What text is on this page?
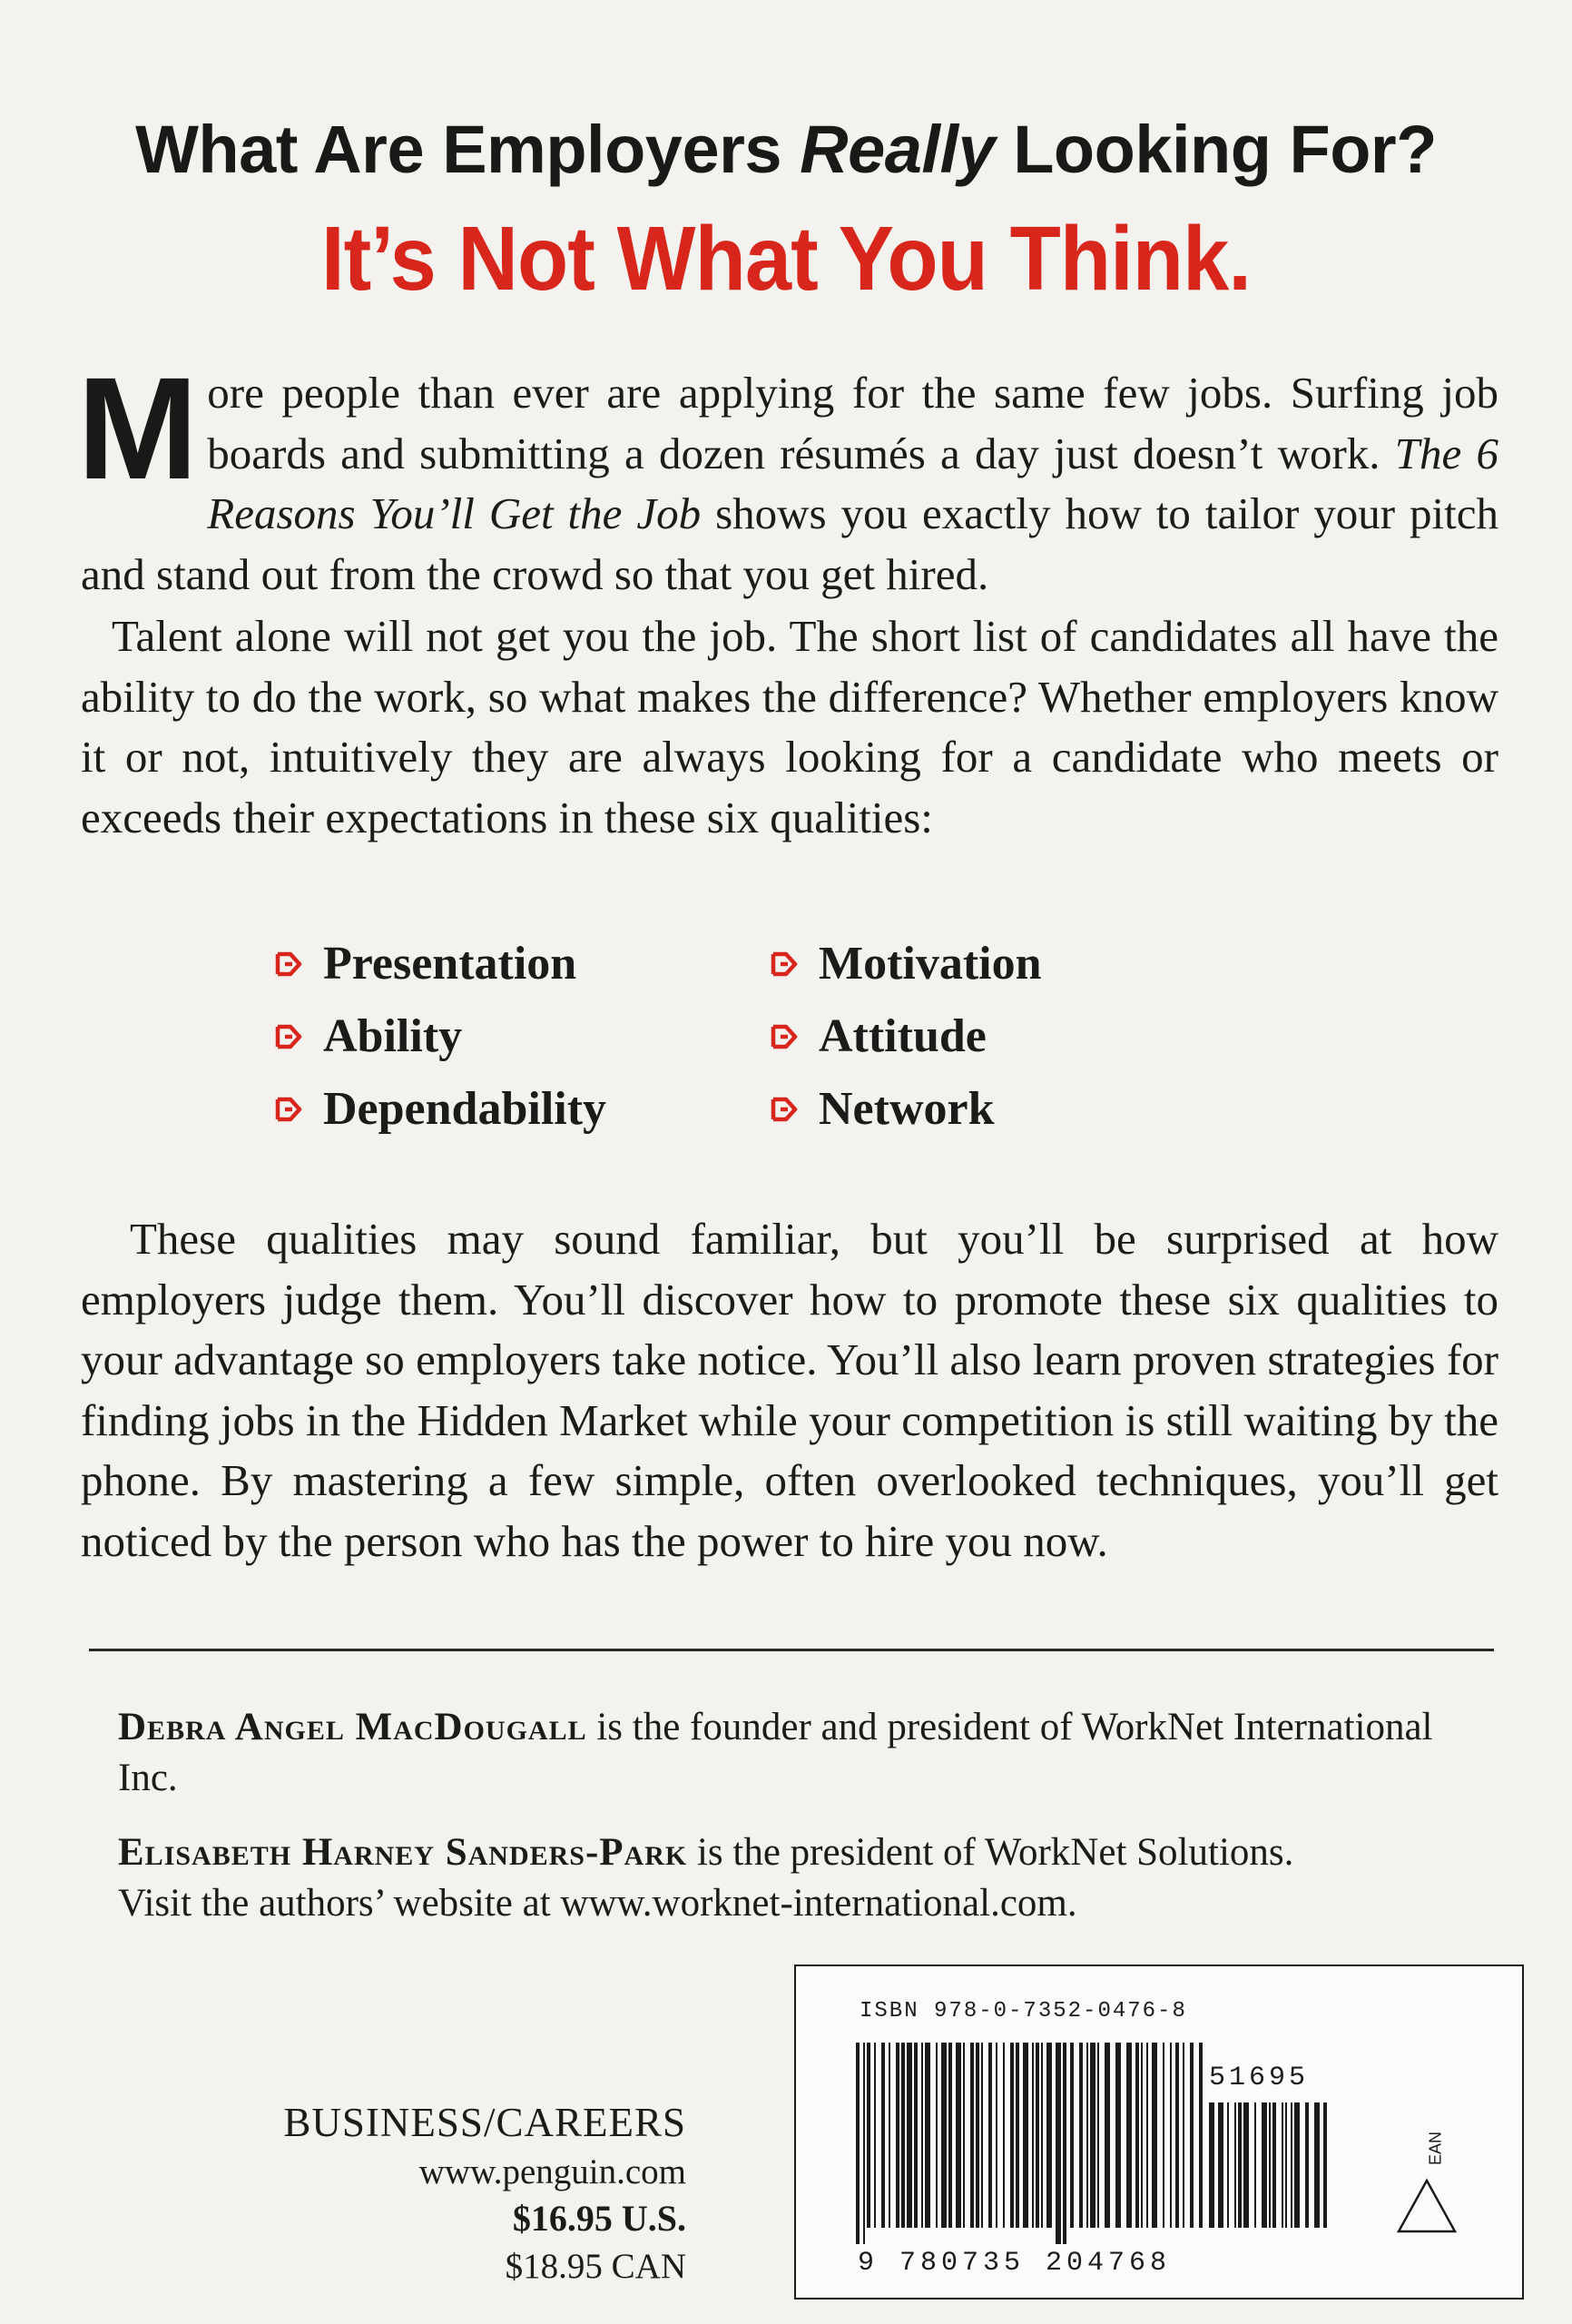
What Are Employers Really Looking For?
It’s Not What You Think.
More people than ever are applying for the same few jobs. Surfing job boards and submitting a dozen résumés a day just doesn’t work. The 6 Reasons You’ll Get the Job shows you exactly how to tailor your pitch and stand out from the crowd so that you get hired.
Talent alone will not get you the job. The short list of candidates all have the ability to do the work, so what makes the difference? Whether employers know it or not, intuitively they are always looking for a candidate who meets or exceeds their expectations in these six qualities:
Presentation
Ability
Dependability
Motivation
Attitude
Network
These qualities may sound familiar, but you’ll be surprised at how employers judge them. You’ll discover how to promote these six qualities to your advantage so employers take notice. You’ll also learn proven strategies for finding jobs in the Hidden Market while your competition is still waiting by the phone. By mastering a few simple, often overlooked techniques, you’ll get noticed by the person who has the power to hire you now.
Debra Angel MacDougall is the founder and president of WorkNet International Inc.
Elisabeth Harney Sanders-Park is the president of WorkNet Solutions.
Visit the authors’ website at www.worknet-international.com.
BUSINESS/CAREERS
www.penguin.com
$16.95 U.S.
$18.95 CAN
ISBN 978-0-7352-0476-8
51695
9 780735 204768
EAN
